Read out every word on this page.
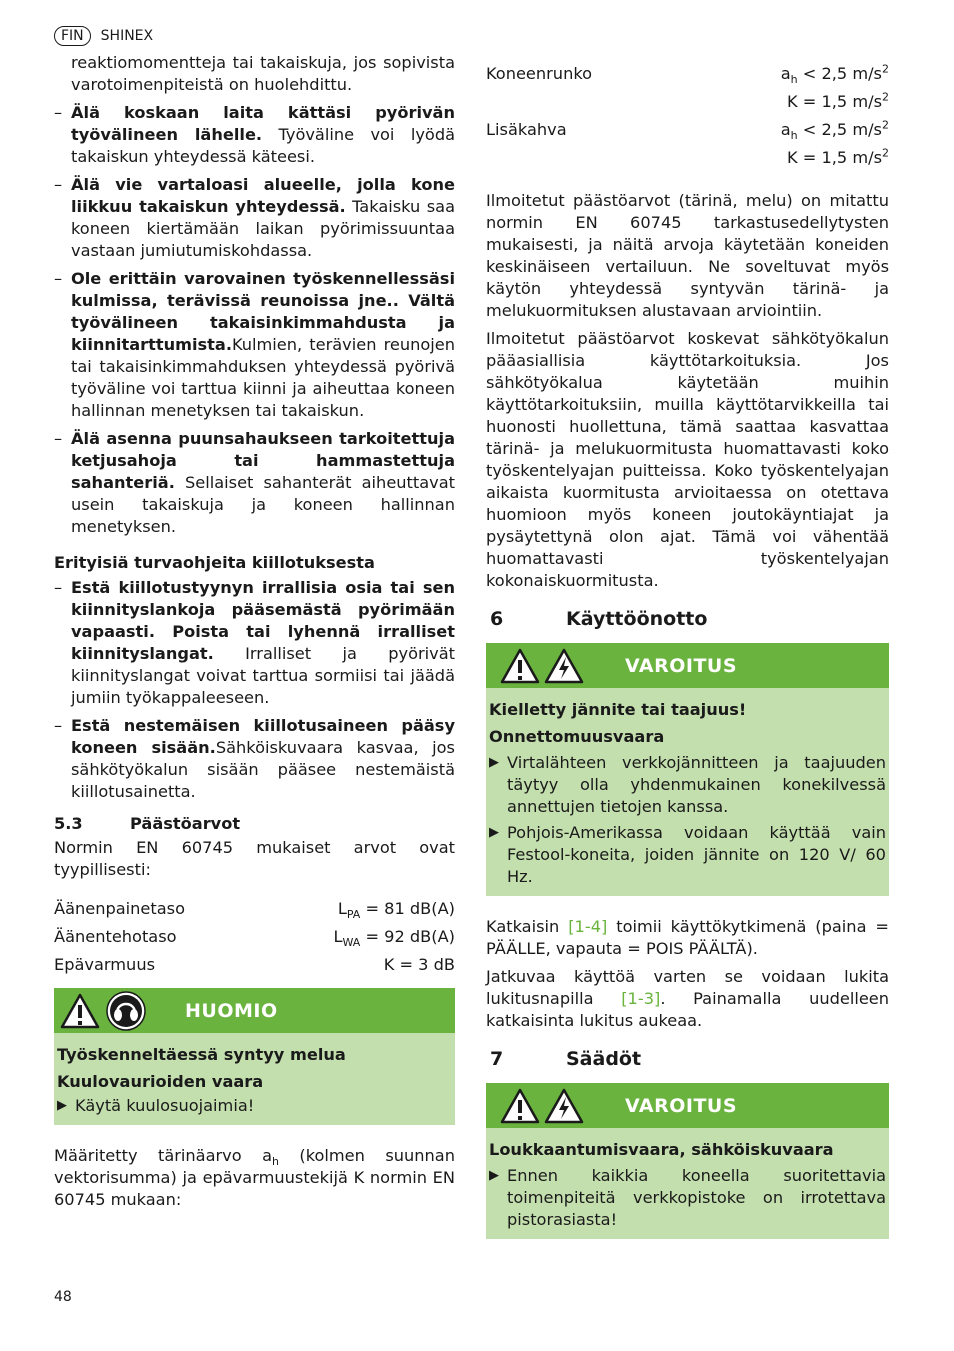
FIN	SHINEX

reaktiomomentteja tai takaiskuja, jos sopivista varotoimenpiteistä on huolehdittu.

– Älä koskaan laita kättäsi pyörivän työvälineen lähelle. Työväline voi lyödä takaiskun yhteydessä käteesi.
– Älä vie vartaloasi alueelle, jolla kone liikkuu takaiskun yhteydessä. Takaisku saa koneen kiertämään laikan pyörimissuuntaa vastaan jumiutumiskohdassa.
– Ole erittäin varovainen työskennellessäsi kulmissa, terävissä reunoissa jne.. Vältä työvälineen takaisinkimmahdusta ja kiinnitarttumista.Kulmien, terävien reunojen tai takaisinkimmahduksen yhteydessä pyörivä työväline voi tarttua kiinni ja aiheuttaa koneen hallinnan menetyksen tai takaiskun.
– Älä asenna puunsahaukseen tarkoitettuja ketjusahoja tai hammastettuja sahanteriä. Sellaiset sahanterät aiheuttavat usein takaiskuja ja koneen hallinnan menetyksen.

Erityisiä turvaohjeita kiillotuksesta

– Estä kiillotustyynyn irrallisia osia tai sen kiinnityslankoja pääsemästä pyörimään vapaasti. Poista tai lyhennä irralliset kiinnityslangat. Irralliset ja pyörivät kiinnityslangat voivat tarttua sormiisi tai jäädä jumiin työkappaleeseen.
– Estä nestemäisen kiillotusaineen pääsy koneen sisään.Sähköiskuvaara kasvaa, jos sähkötyökalun sisään pääsee nestemäistä kiillotusainetta.
5.3	Päästöarvot

Normin EN 60745 mukaiset arvot ovat tyypillisesti:

Äänenpainetaso	$L_{PA} = 81$ dB(A)
Äänentehotaso	$L_{WA} = 92$ dB(A)
Epävarmuus	K = 3 dB
HUOMIO

Työskenneltäessä syntyy melua

Kuulovaurioiden vaara

▶ Käytä kuulosuojaimia!

Määritetty tärinäarvo $a_h$ (kolmen suunnan vektorisumma) ja epävarmuustekijä K normin EN 60745 mukaan:

Koneenrunko	$a_h < 2,5$ $m/s^2$
K = 1,5 $m/s^2$
Lisäkahva	$a_h < 2,5$ $m/s^2$
K = 1,5 $m/s^2$

Ilmoitetut päästöarvot (tärinä, melu) on mitattu normin EN 60745 tarkastusedellytysten mukaisesti, ja näitä arvoja käytetään koneiden keskinäiseen vertailuun. Ne soveltuvat myös käytön yhteydessä syntyvän tärinä- ja melukuormituksen alustavaan arviointiin.

Ilmoitetut päästöarvot koskevat sähkötyökalun pääasiallisia käyttötarkoituksia. Jos sähkötyökalua käytetään muihin käyttötarkoituksiin, muilla käyttötarvikkeilla tai huonosti huollettuna, tämä saattaa kasvattaa tärinä- ja melukuormitusta huomattavasti koko työskentelyajan puitteissa. Koko työskentelyajan aikaista kuormitusta arvioitaessa on otettava huomioon myös koneen joutokäyntiajat ja pysäytettynä olon ajat. Tämä voi vähentää huomattavasti työskentelyajan kokonaiskuormitusta.

6	Käyttöönotto
VAROITUS

Kielletty jännite tai taajuus!

Onnettomuusvaara

▶ Virtalähteen verkkojännitteen ja taajuuden täytyy olla yhdenmukainen konekilvessä annettujen tietojen kanssa.
▶ Pohjois-Amerikassa voidaan käyttää vain Festool-koneita, joiden jännite on 120 V/ 60 Hz.

Katkaisin [1-4] toimii käyttökytkimenä (paina = PÄÄLLE, vapauta = POIS PÄÄLTÄ).

Jatkuvaa käyttöä varten se voidaan lukita lukitusnapilla [1-3]. Painamalla uudelleen katkaisinta lukitus aukeaa.

7	Säädöt
VAROITUS

Loukkaantumisvaara, sähköiskuvaara

▶ Ennen kaikkia koneella suoritettavia toimenpiteitä verkkopistoke on irrotettava pistorasiasta!
48
